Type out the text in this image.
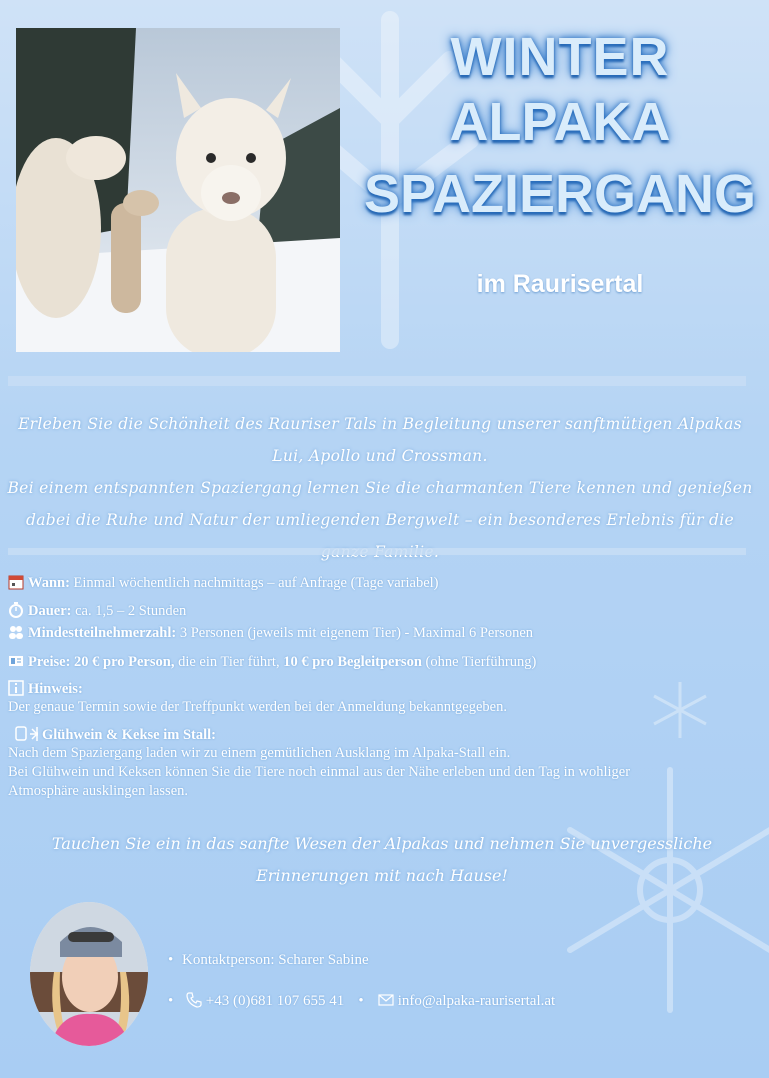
WINTER
ALPAKA
SPAZIERGANG
im Raurisertal
Erleben Sie die Schönheit des Rauriser Tals in Begleitung unserer sanftmütigen Alpakas Lui, Apollo und Crossman.
Bei einem entspannten Spaziergang lernen Sie die charmanten Tiere kennen und genießen dabei die Ruhe und Natur der umliegenden Bergwelt – ein besonderes Erlebnis für die
Wann: Einmal wöchentlich nachmittags – auf Anfrage (Tage variabel)
Dauer: ca. 1,5 – 2 Stunden
Mindestteilnehmerzahl: 3 Personen (jeweils mit eigenem Tier) - Maximal 6 Personen
Preise: 20 € pro Person, die ein Tier führt, 10 € pro Begleitperson (ohne Tierführung)
Hinweis:
Der genaue Termin sowie der Treffpunkt werden bei der Anmeldung bekanntgegeben.
Glühwein & Kekse im Stall:
Nach dem Spaziergang laden wir zu einem gemütlichen Ausklang im Alpaka-Stall ein.
Bei Glühwein und Keksen können Sie die Tiere noch einmal aus der Nähe erleben und den Tag in wohliger
Atmosphäre ausklingen lassen.
Tauchen Sie ein in das sanfte Wesen der Alpakas und nehmen Sie unvergessliche Erinnerungen mit nach Hause!
• Kontaktperson: Scharer Sabine
• +43 (0)681 107 655 41 • info@alpaka-raurisertal.at
